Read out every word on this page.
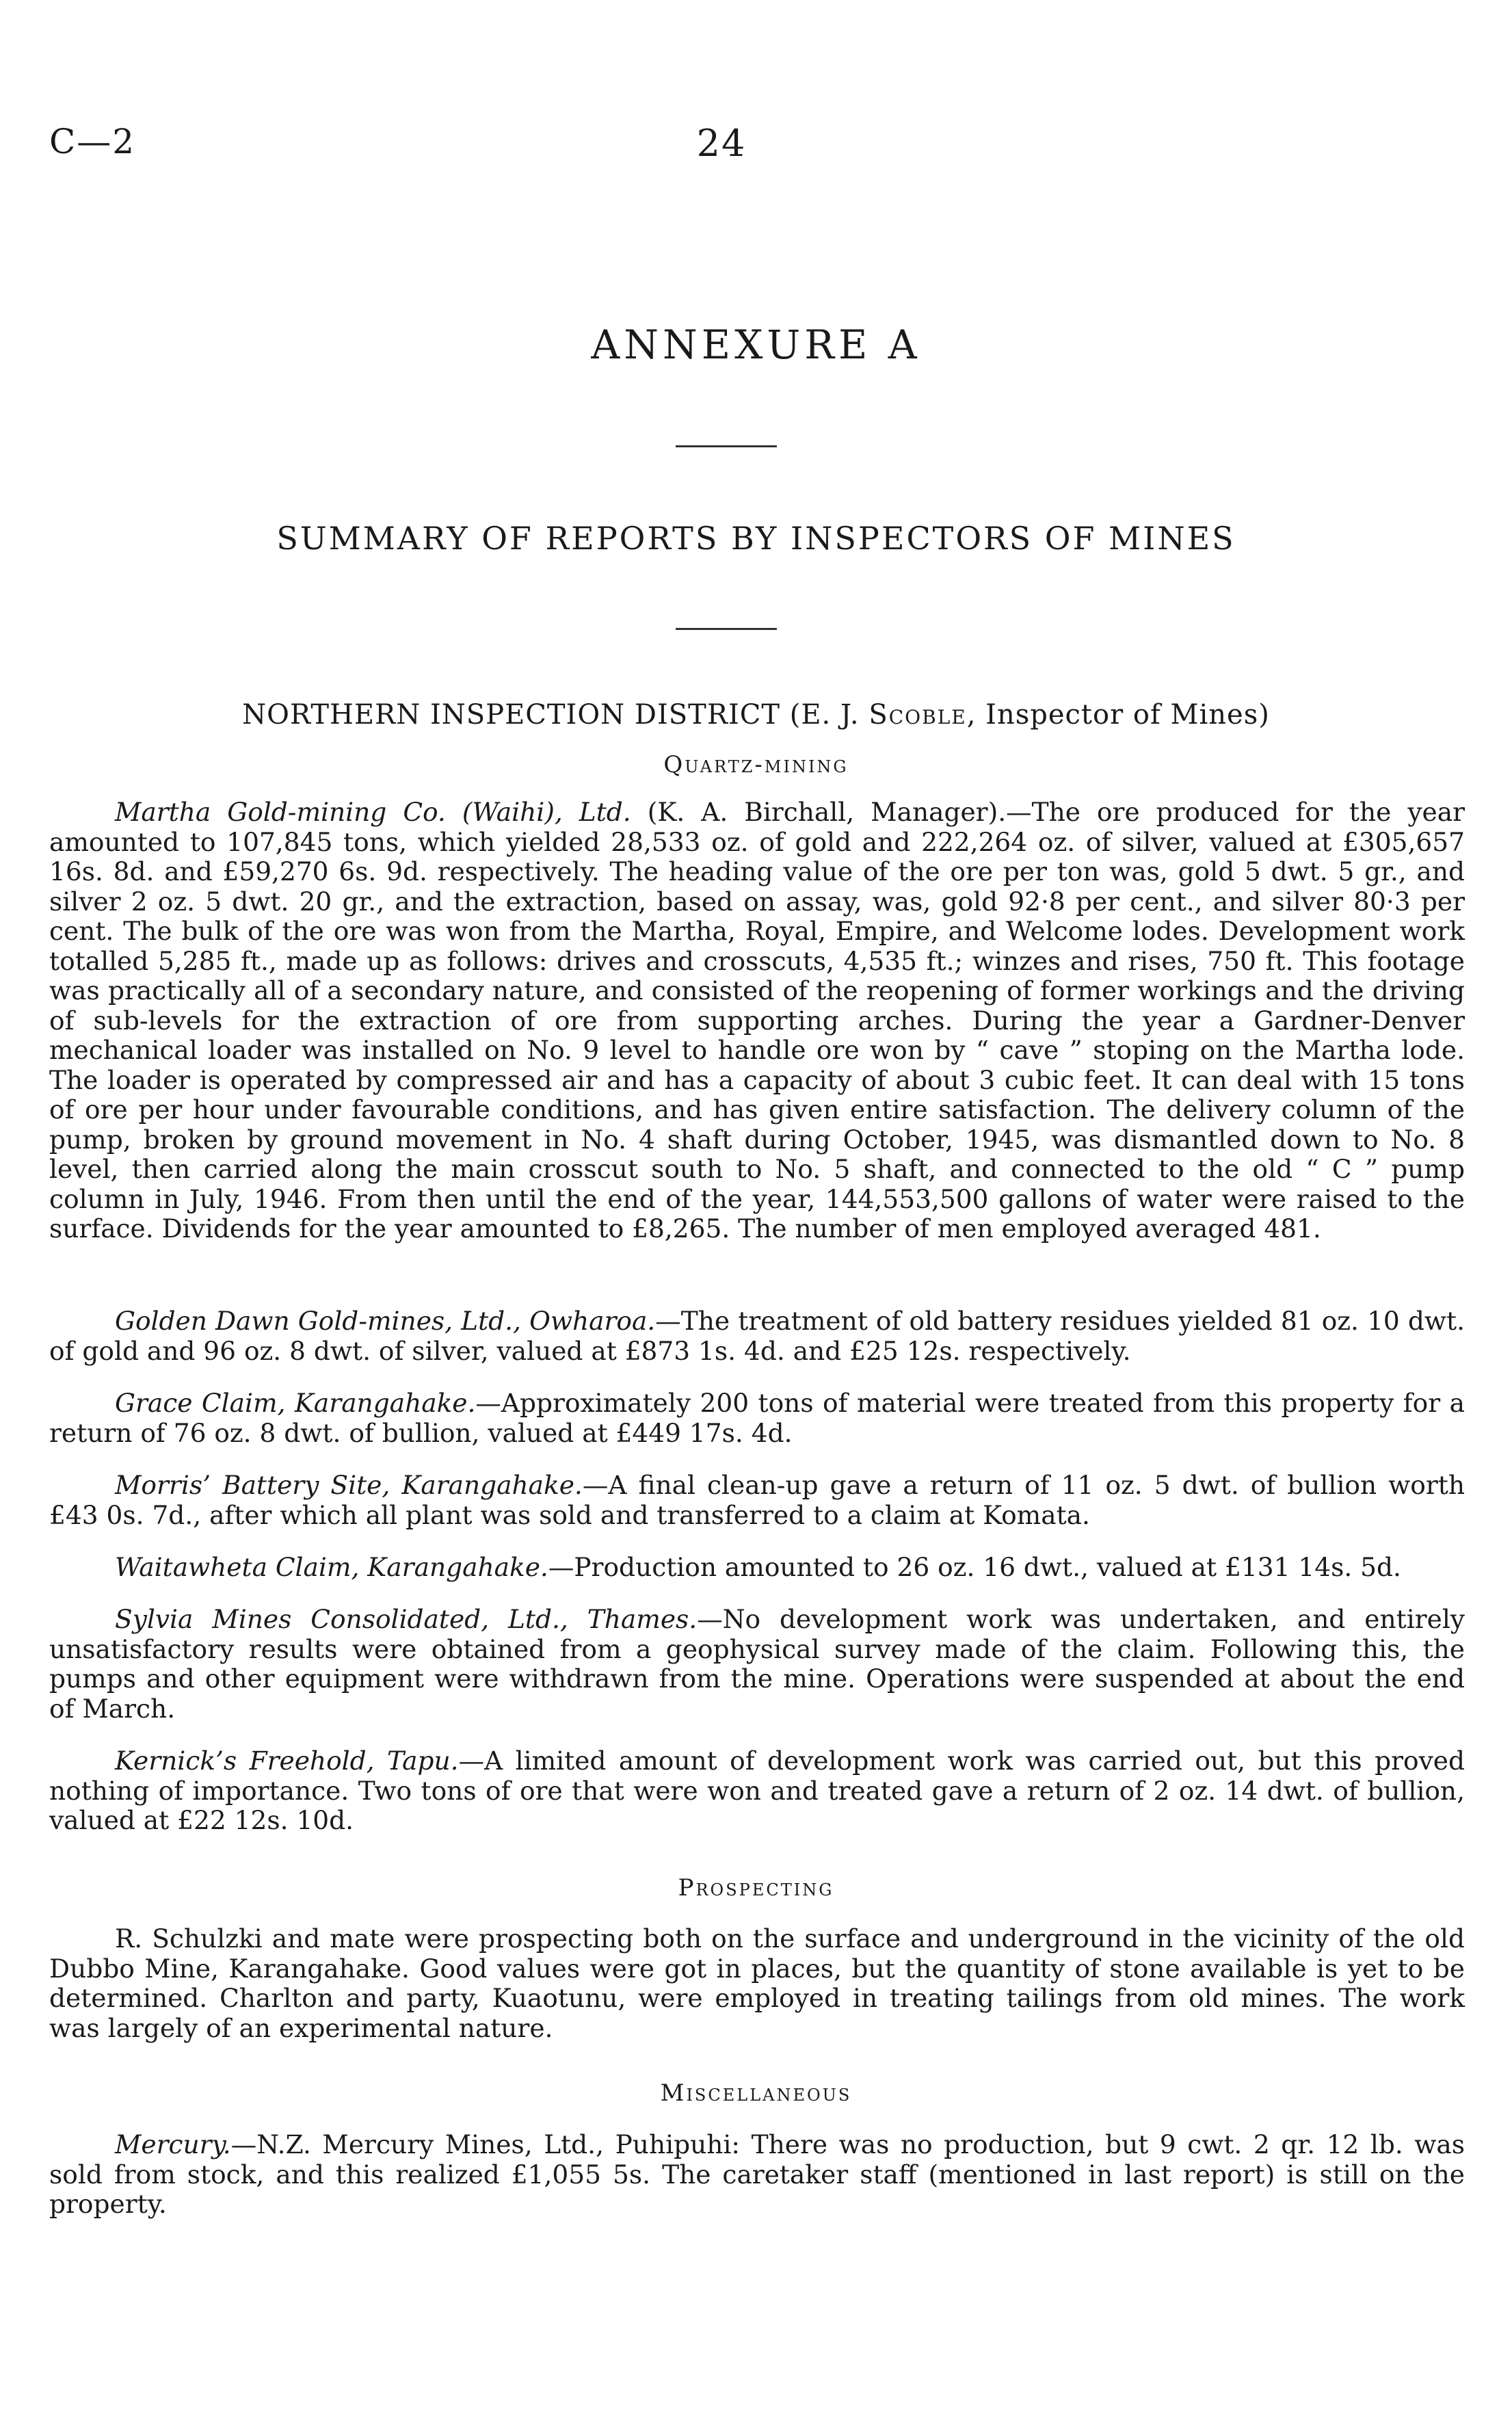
C—2	24
ANNEXURE A
SUMMARY OF REPORTS BY INSPECTORS OF MINES
NORTHERN INSPECTION DISTRICT (E. J. Scoble, Inspector of Mines)
Quartz-mining

Martha Gold-mining Co. (Waihi), Ltd. (K. A. Birchall, Manager).—The ore produced for the year amounted to 107,845 tons, which yielded 28,533 oz. of gold and 222,264 oz. of silver, valued at £305,657 16s. 8d. and £59,270 6s. 9d. respectively. The heading value of the ore per ton was, gold 5 dwt. 5 gr., and silver 2 oz. 5 dwt. 20 gr., and the extraction, based on assay, was, gold 92·8 per cent., and silver 80·3 per cent. The bulk of the ore was won from the Martha, Royal, Empire, and Welcome lodes. Development work totalled 5,285 ft., made up as follows: drives and crosscuts, 4,535 ft.; winzes and rises, 750 ft. This footage was practically all of a secondary nature, and consisted of the reopening of former workings and the driving of sub-levels for the extraction of ore from supporting arches. During the year a Gardner-Denver mechanical loader was installed on No. 9 level to handle ore won by “ cave ” stoping on the Martha lode. The loader is operated by compressed air and has a capacity of about 3 cubic feet. It can deal with 15 tons of ore per hour under favourable conditions, and has given entire satisfaction. The delivery column of the pump, broken by ground movement in No. 4 shaft during October, 1945, was dismantled down to No. 8 level, then carried along the main crosscut south to No. 5 shaft, and connected to the old “ C ” pump column in July, 1946. From then until the end of the year, 144,553,500 gallons of water were raised to the surface. Dividends for the year amounted to £8,265. The number of men employed averaged 481.

Golden Dawn Gold-mines, Ltd., Owharoa.—The treatment of old battery residues yielded 81 oz. 10 dwt. of gold and 96 oz. 8 dwt. of silver, valued at £873 1s. 4d. and £25 12s. respectively.

Grace Claim, Karangahake.—Approximately 200 tons of material were treated from this property for a return of 76 oz. 8 dwt. of bullion, valued at £449 17s. 4d.

Morris’ Battery Site, Karangahake.—A final clean-up gave a return of 11 oz. 5 dwt. of bullion worth £43 0s. 7d., after which all plant was sold and transferred to a claim at Komata.

Waitawheta Claim, Karangahake.—Production amounted to 26 oz. 16 dwt., valued at £131 14s. 5d.

Sylvia Mines Consolidated, Ltd., Thames.—No development work was undertaken, and entirely unsatisfactory results were obtained from a geophysical survey made of the claim. Following this, the pumps and other equipment were withdrawn from the mine. Operations were suspended at about the end of March.

Kernick’s Freehold, Tapu.—A limited amount of development work was carried out, but this proved nothing of importance. Two tons of ore that were won and treated gave a return of 2 oz. 14 dwt. of bullion, valued at £22 12s. 10d.

Prospecting

R. Schulzki and mate were prospecting both on the surface and underground in the vicinity of the old Dubbo Mine, Karangahake. Good values were got in places, but the quantity of stone available is yet to be determined. Charlton and party, Kuaotunu, were employed in treating tailings from old mines. The work was largely of an experimental nature.

Miscellaneous

Mercury.—N.Z. Mercury Mines, Ltd., Puhipuhi: There was no production, but 9 cwt. 2 qr. 12 lb. was sold from stock, and this realized £1,055 5s. The caretaker staff (mentioned in last report) is still on the property.
